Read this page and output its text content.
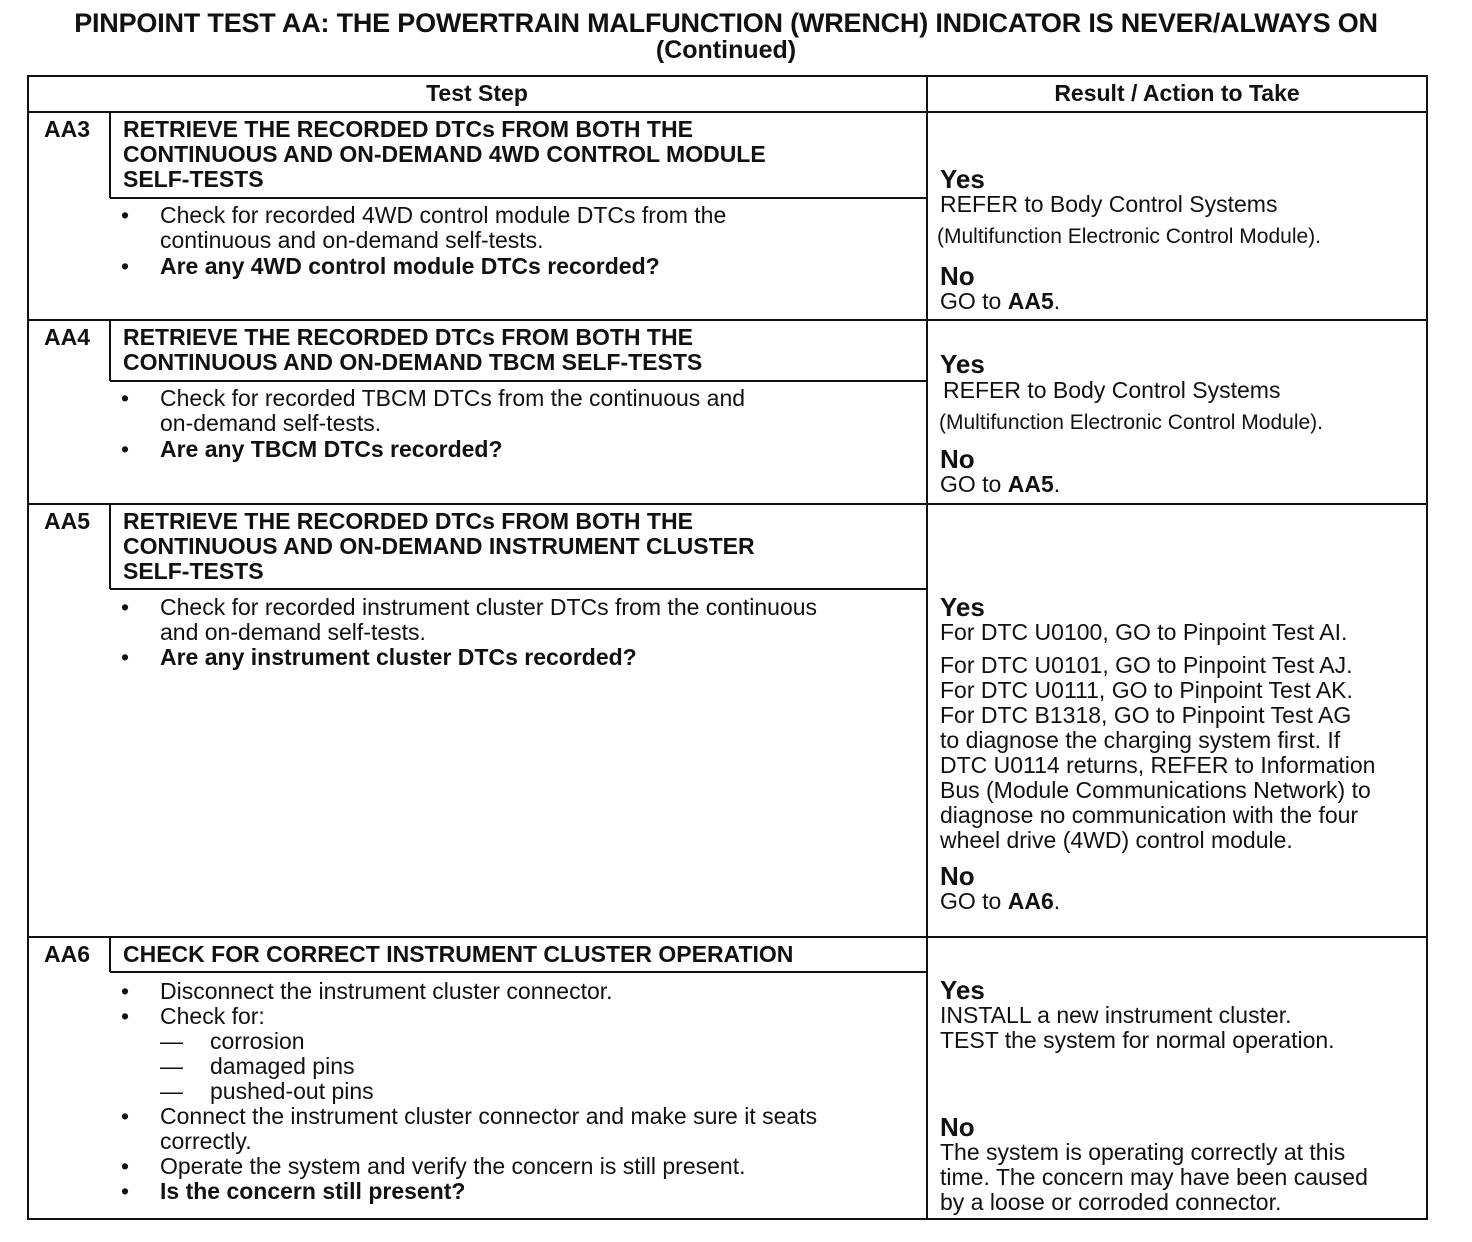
PINPOINT TEST AA: THE POWERTRAIN MALFUNCTION (WRENCH) INDICATOR IS NEVER/ALWAYS ON
(Continued)
Test Step	Result / Action to Take
AA3 RETRIEVE THE RECORDED DTCs FROM BOTH THE
CONTINUOUS AND ON-DEMAND 4WD CONTROL MODULE
SELF-TESTS
• Check for recorded 4WD control module DTCs from the
continuous and on-demand self-tests.
• Are any 4WD control module DTCs recorded?
Yes
REFER to Body Control Systems
(Multifunction Electronic Control Module).
No
GO to AA5.
AA4 RETRIEVE THE RECORDED DTCs FROM BOTH THE
CONTINUOUS AND ON-DEMAND TBCM SELF-TESTS
• Check for recorded TBCM DTCs from the continuous and
on-demand self-tests.
• Are any TBCM DTCs recorded?
Yes
REFER to Body Control Systems
(Multifunction Electronic Control Module).
No
GO to AA5.
AA5 RETRIEVE THE RECORDED DTCs FROM BOTH THE
CONTINUOUS AND ON-DEMAND INSTRUMENT CLUSTER
SELF-TESTS
• Check for recorded instrument cluster DTCs from the continuous
and on-demand self-tests.
• Are any instrument cluster DTCs recorded?
Yes
For DTC U0100, GO to Pinpoint Test AI.
For DTC U0101, GO to Pinpoint Test AJ.
For DTC U0111, GO to Pinpoint Test AK.
For DTC B1318, GO to Pinpoint Test AG
to diagnose the charging system first. If
DTC U0114 returns, REFER to Information
Bus (Module Communications Network) to
diagnose no communication with the four
wheel drive (4WD) control module.
No
GO to AA6.
AA6 CHECK FOR CORRECT INSTRUMENT CLUSTER OPERATION
• Disconnect the instrument cluster connector.
• Check for:
— corrosion
— damaged pins
— pushed-out pins
• Connect the instrument cluster connector and make sure it seats
correctly.
• Operate the system and verify the concern is still present.
• Is the concern still present?
Yes
INSTALL a new instrument cluster.
TEST the system for normal operation.
No
The system is operating correctly at this
time. The concern may have been caused
by a loose or corroded connector.
